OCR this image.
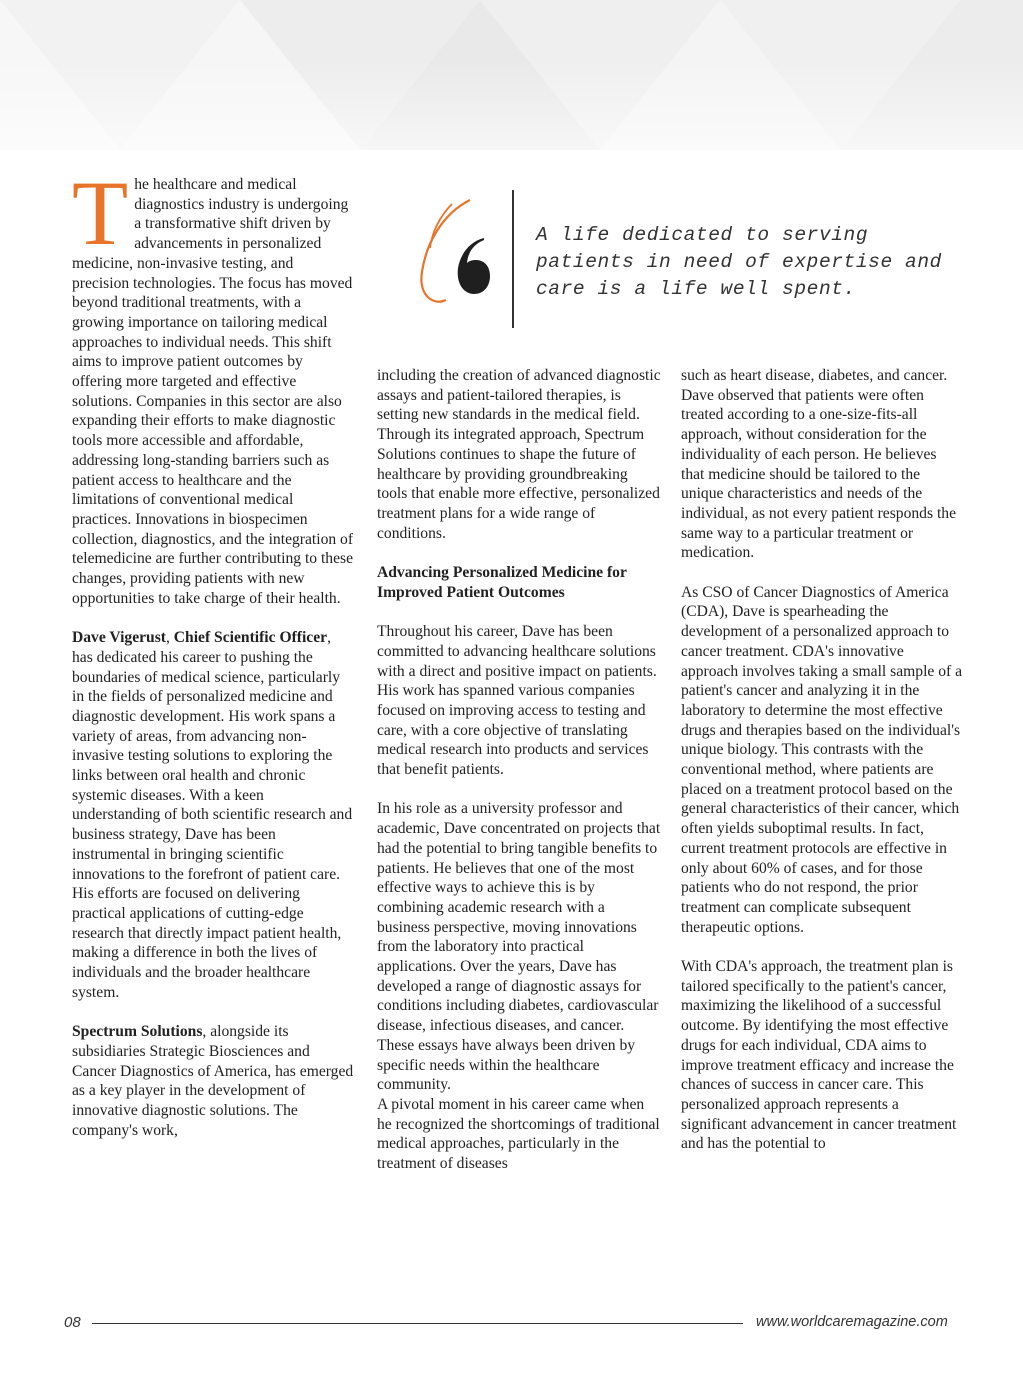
A life dedicated to serving patients in need of expertise and care is a life well spent.

The healthcare and medical diagnostics industry is undergoing a transformative shift driven by advancements in personalized medicine, non-invasive testing, and precision technologies. The focus has moved beyond traditional treatments, with a growing importance on tailoring medical approaches to individual needs. This shift aims to improve patient outcomes by offering more targeted and effective solutions. Companies in this sector are also expanding their efforts to make diagnostic tools more accessible and affordable, addressing long-standing barriers such as patient access to healthcare and the limitations of conventional medical practices. Innovations in biospecimen collection, diagnostics, and the integration of telemedicine are further contributing to these changes, providing patients with new opportunities to take charge of their health.

Dave Vigerust, Chief Scientific Officer, has dedicated his career to pushing the boundaries of medical science, particularly in the fields of personalized medicine and diagnostic development. His work spans a variety of areas, from advancing non-invasive testing solutions to exploring the links between oral health and chronic systemic diseases. With a keen understanding of both scientific research and business strategy, Dave has been instrumental in bringing scientific innovations to the forefront of patient care. His efforts are focused on delivering practical applications of cutting-edge research that directly impact patient health, making a difference in both the lives of individuals and the broader healthcare system.

Spectrum Solutions, alongside its subsidiaries Strategic Biosciences and Cancer Diagnostics of America, has emerged as a key player in the development of innovative diagnostic solutions. The company's work,

including the creation of advanced diagnostic assays and patient-tailored therapies, is setting new standards in the medical field. Through its integrated approach, Spectrum Solutions continues to shape the future of healthcare by providing groundbreaking tools that enable more effective, personalized treatment plans for a wide range of conditions.

Advancing Personalized Medicine for Improved Patient Outcomes

Throughout his career, Dave has been committed to advancing healthcare solutions with a direct and positive impact on patients. His work has spanned various companies focused on improving access to testing and care, with a core objective of translating medical research into products and services that benefit patients.

In his role as a university professor and academic, Dave concentrated on projects that had the potential to bring tangible benefits to patients. He believes that one of the most effective ways to achieve this is by combining academic research with a business perspective, moving innovations from the laboratory into practical applications. Over the years, Dave has developed a range of diagnostic assays for conditions including diabetes, cardiovascular disease, infectious diseases, and cancer. These essays have always been driven by specific needs within the healthcare community.

A pivotal moment in his career came when he recognized the shortcomings of traditional medical approaches, particularly in the treatment of diseases

such as heart disease, diabetes, and cancer. Dave observed that patients were often treated according to a one-size-fits-all approach, without consideration for the individuality of each person. He believes that medicine should be tailored to the unique characteristics and needs of the individual, as not every patient responds the same way to a particular treatment or medication.

As CSO of Cancer Diagnostics of America (CDA), Dave is spearheading the development of a personalized approach to cancer treatment. CDA's innovative approach involves taking a small sample of a patient's cancer and analyzing it in the laboratory to determine the most effective drugs and therapies based on the individual's unique biology. This contrasts with the conventional method, where patients are placed on a treatment protocol based on the general characteristics of their cancer, which often yields suboptimal results. In fact, current treatment protocols are effective in only about 60% of cases, and for those patients who do not respond, the prior treatment can complicate subsequent therapeutic options.

With CDA's approach, the treatment plan is tailored specifically to the patient's cancer, maximizing the likelihood of a successful outcome. By identifying the most effective drugs for each individual, CDA aims to improve treatment efficacy and increase the chances of success in cancer care. This personalized approach represents a significant advancement in cancer treatment and has the potential to

08	www.worldcaremagazine.com
